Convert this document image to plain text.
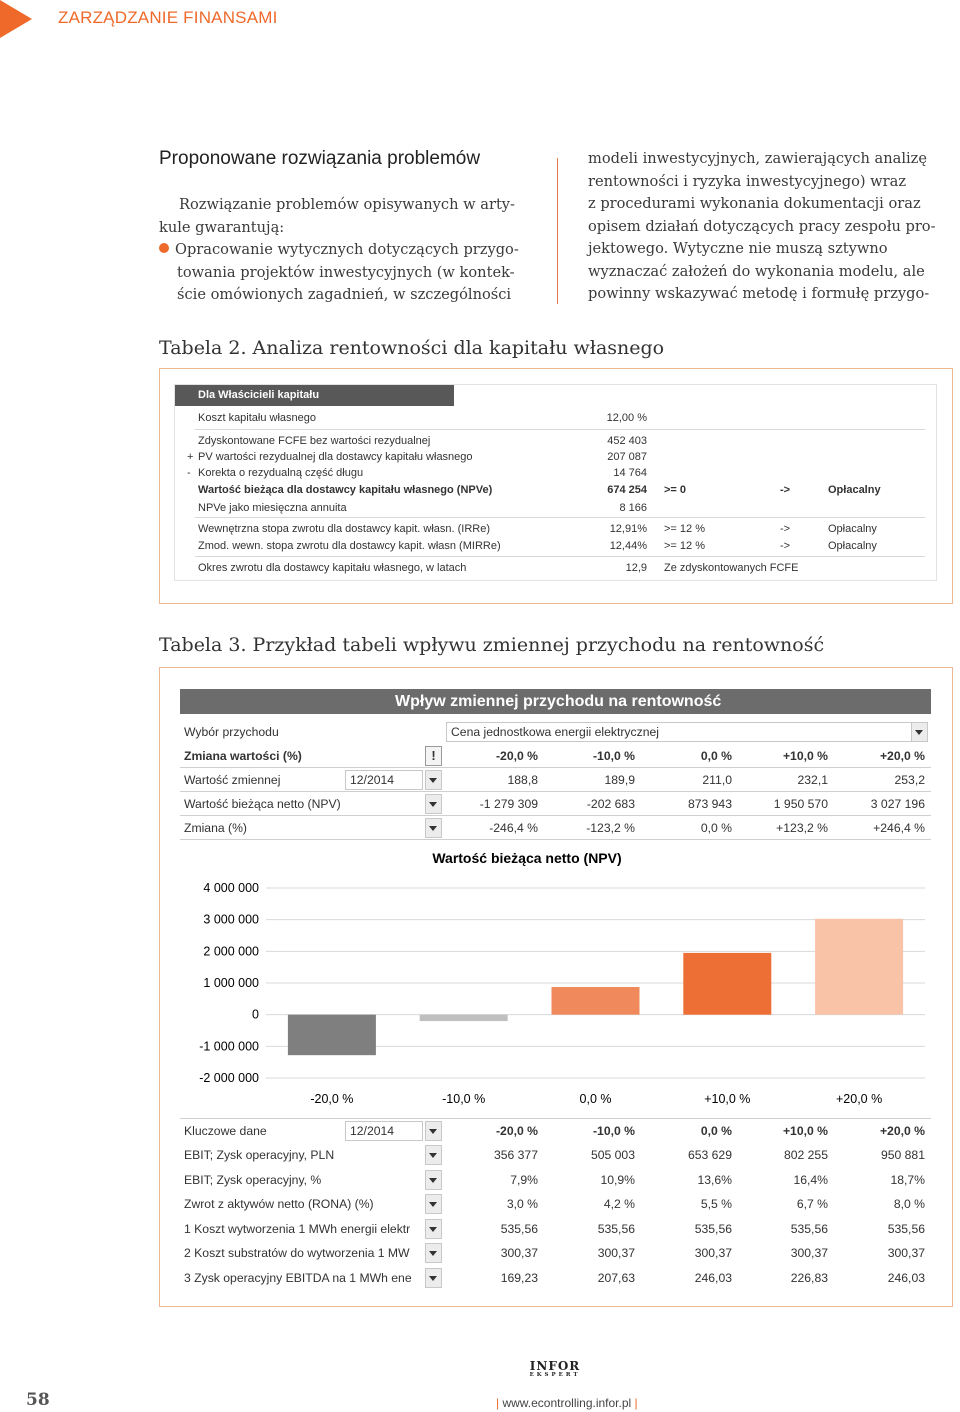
ZARZĄDZANIE FINANSAMI
Proponowane rozwiązania problemów
Rozwiązanie problemów opisywanych w arty-
kule gwarantują:
Opracowanie wytycznych dotyczących przygo-
towania projektów inwestycyjnych (w kontek-
ście omówionych zagadnień, w szczególności
modeli inwestycyjnych, zawierających analizę
rentowności i ryzyka inwestycyjnego) wraz
z procedurami wykonania dokumentacji oraz
opisem działań dotyczących pracy zespołu pro-
jektowego. Wytyczne nie muszą sztywno
wyznaczać założeń do wykonania modelu, ale
powinny wskazywać metodę i formułę przygo-
Tabela 2. Analiza rentowności dla kapitału własnego
Dla Właścicieli kapitału
Koszt kapitału własnego	12,00 %
Zdyskontowane FCFE bez wartości rezydualnej	452 403
+ PV wartości rezydualnej dla dostawcy kapitału własnego	207 087
- Korekta o rezydualną część długu	14 764
Wartość bieżąca dla dostawcy kapitału własnego (NPVe)	674 254 >= 0	->	Opłacalny
NPVe jako miesięczna annuita	8 166
Wewnętrzna stopa zwrotu dla dostawcy kapit. własn. (IRRe)	12,91% >= 12 %	->	Opłacalny
Zmod. wewn. stopa zwrotu dla dostawcy kapit. własn (MIRRe)	12,44% >= 12 %	->	Opłacalny
Okres zwrotu dla dostawcy kapitału własnego, w latach	12,9 Ze zdyskontowanych FCFE
Tabela 3. Przykład tabeli wpływu zmiennej przychodu na rentowność
Wpływ zmiennej przychodu na rentowność
Wybór przychodu	Cena jednostkowa energii elektrycznej
!
12/2014
Zmiana wartości (%)	-20,0 %	-10,0 %	0,0 %	+10,0 %	+20,0 %
Wartość zmiennej	188,8	189,9	211,0	232,1	253,2
Wartość bieżąca netto (NPV)	-1 279 309	-202 683	873 943	1 950 570	3 027 196
Zmiana (%)	-246,4 %	-123,2 %	0,0 %	+123,2 %	+246,4 %
Wartość bieżąca netto (NPV)
4 000 000
3 000 000
2 000 000
1 000 000
0
-1 000 000
-2 000 000
-20,0 %	-10,0 %	0,0 %	+10,0 %	+20,0 %
12/2014
Kluczowe dane	-20,0 %	-10,0 %	0,0 %	+10,0 %	+20,0 %
EBIT; Zysk operacyjny, PLN	356 377	505 003	653 629	802 255	950 881
EBIT; Zysk operacyjny, %	7,9%	10,9%	13,6%	16,4%	18,7%
Zwrot z aktywów netto (RONA) (%)	3,0 %	4,2 %	5,5 %	6,7 %	8,0 %
1 Koszt wytworzenia 1 MWh energii elektr	535,56	535,56	535,56	535,56	535,56
2 Koszt substratów do wytworzenia 1 MW	300,37	300,37	300,37	300,37	300,37
3 Zysk operacyjny EBITDA na 1 MWh ene	169,23	207,63	246,03	226,83	246,03
INFOR
EKSPERT
58	| www.econtrolling.infor.pl |
